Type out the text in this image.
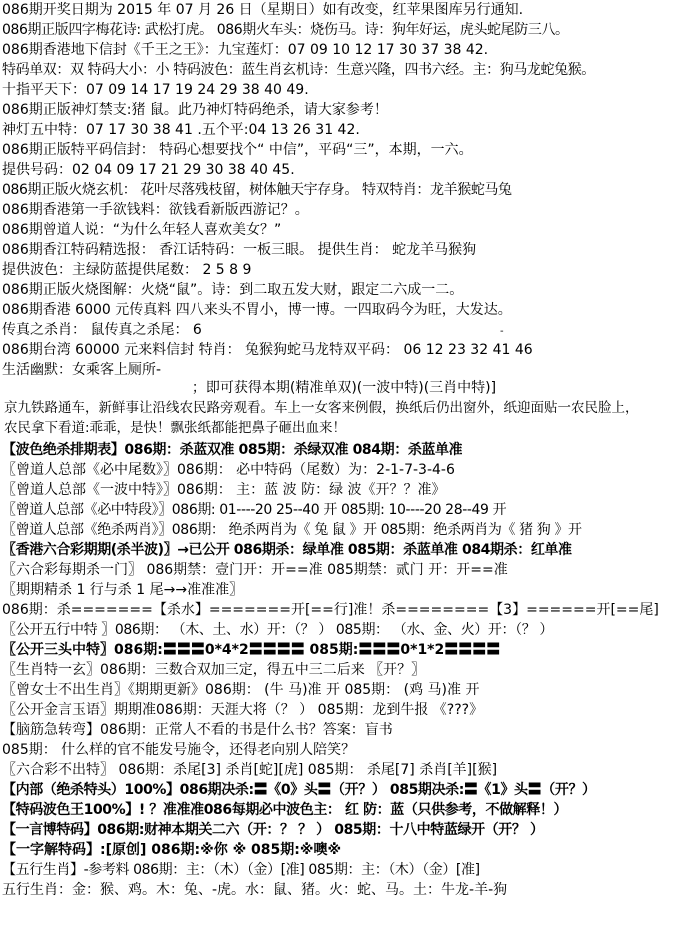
086期开奖日期为 2015 年 07 月 26 日（星期日）如有改变，红苹果图库另行通知.
086期正版四字梅花诗: 武松打虎。 086期火车头：烧伤马。诗：狗年好运，虎头蛇尾防三八。
086期香港地下信封《千王之王》：九宝莲灯：07 09 10 12 17 30 37 38 42.
特码单双：双 特码大小：小 特码波色：蓝生肖玄机诗：生意兴隆，四书六经。主：狗马龙蛇兔猴。
十指平天下：07 09 14 17 19 24 29 38 40 49.
086期正版神灯禁支:猪 鼠。此乃神灯特码绝杀，请大家参考！
神灯五中特：07 17 30 38 41 .五个平:04 13 26 31 42.
086期正版特平码信封： 特码心想要找个“ 中信”，平码“三”，本期，一六。
提供号码：02 04 09 17 21 29 30 38 40 45.
086期正版火烧玄机： 花叶尽落残枝留，树体触天宇存身。 特双特肖：龙羊猴蛇马兔
086期香港第一手欲钱料：欲钱看新版西游记？。
086期曾道人说：“为什么年轻人喜欢美女？”
086期香江特码精选报： 香江话特码：一板三眼。 提供生肖： 蛇龙羊马猴狗
提供波色：主绿防蓝提供尾数： 2 5 8 9
086期正版火烧图解：火烧“鼠”。诗：到二取五发大财，跟定二六成一二。
086期香港 6000 元传真料 四八来头不胃小，博一博。一四取码今为旺，大发达。
传真之杀肖： 鼠传真之杀尾： 6	-
086期台湾 60000 元来料信封 特肖： 兔猴狗蛇马龙特双平码： 06 12 23 32 41 46
生活幽默：女乘客上厕所-
；即可获得本期(精准单双)(一波中特)(三肖中特)]
京九铁路通车，新鲜事让沿线农民路旁观看。车上一女客来例假，换纸后仍出窗外，纸迎面贴一农民脸上，
农民拿下看道:乖乖，是快！飘张纸都能把鼻子砸出血来！
【波色绝杀排期表】086期：杀蓝双准 085期：杀绿双准 084期：杀蓝单准
〖曾道人总部《必中尾数》〗086期： 必中特码（尾数）为：2-1-7-3-4-6
〖曾道人总部《一波中特》〗086期： 主：蓝 波 防：绿 波《开？？准》
〖曾道人总部《必中特段》〗086期: 01----20 25--40 开 085期: 10----20 28--49 开
〖曾道人总部《绝杀两肖》〗086期： 绝杀两肖为《 兔 鼠 》开 085期：绝杀两肖为《 猪 狗 》开
〖香港六合彩期期(杀半波)〗→已公开 086期杀：绿单准 085期：杀蓝单准 084期杀：红单准
〖六合彩每期杀一门〗 086期禁：壹门开：开==准 085期禁：贰门 开：开==准
〖期期精杀 1 行与杀 1 尾→→准准准〗
086期：杀=======【杀水】=======开[==行]准！杀========【3】======开[==尾]
〖公开五行中特 〗086期： （木、土、水）开：（？ ） 085期： （水、金、火）开：（？ ）
〖公开三头中特〗086期:〓〓〓0*4*2〓〓〓〓 085期:〓〓〓0*1*2〓〓〓〓
〖生肖特一玄〗086期：三数合双加三定，得五中三二后来 〖开？〗
〖曾女士不出生肖〗《期期更新》086期： (牛 马)准 开 085期： (鸡 马)准 开
〖公开金言玉语〗期期准086期：天涯大将（？ ） 085期：龙到牛报 《???》
【脑筋急转弯】086期：正常人不看的书是什么书？答案：盲书
085期： 什么样的官不能发号施令，还得老向别人陪笑？
〖六合彩不出特〗 086期：杀尾[3] 杀肖[蛇][虎] 085期： 杀尾[7] 杀肖[羊][猴]
【内部（绝杀特头）100%】086期决杀:〓《0》头〓（开？） 085期决杀:〓《1》头〓（开？）
【特码波色王100%】! ？准准准086每期必中波色主： 红 防：蓝（只供参考，不做解释！）
【一言博特码】086期:财神本期关二六（开：？ ？ ） 085期：十八中特蓝绿开（开？ ）
【一字解特码】:[原创] 086期:※你 ※ 085期:※噢※
【五行生肖】-参考料 086期：主：（木）（金）[准] 085期：主：（木）（金）[准]
五行生肖：金：猴、鸡。木：兔、-虎。水：鼠、猪。火：蛇、马。土：牛龙-羊-狗
